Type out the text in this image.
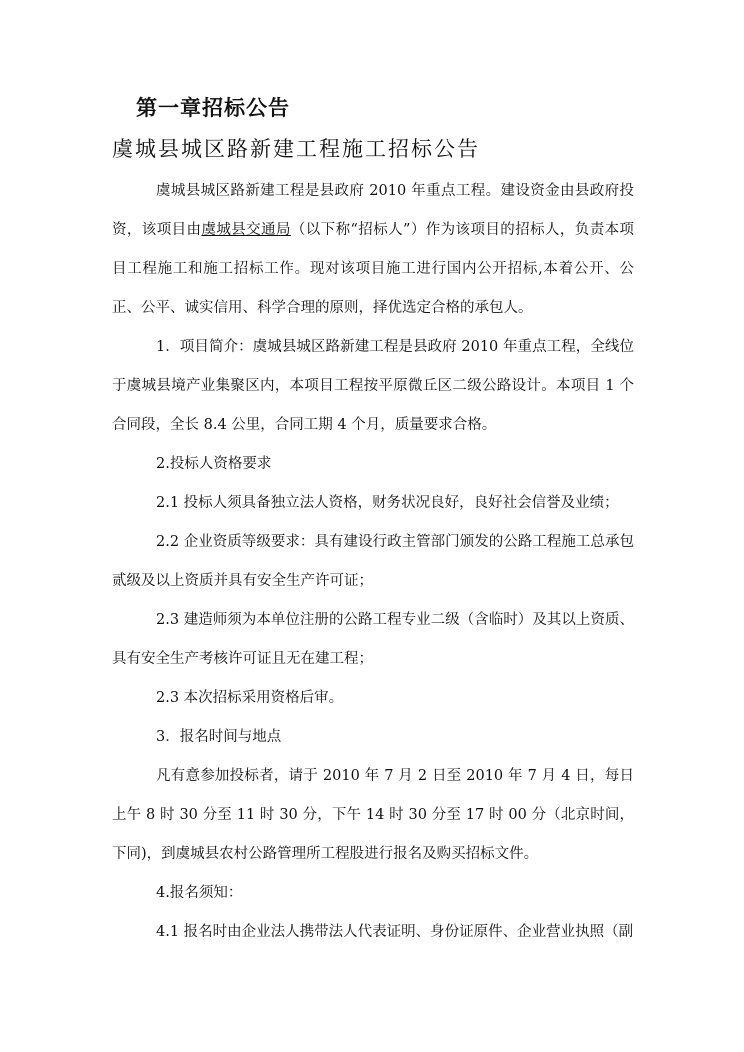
第一章招标公告
虞城县城区路新建工程施工招标公告

虞城县城区路新建工程是县政府 2010 年重点工程。建设资金由县政府投资，该项目由虞城县交通局（以下称“招标人”）作为该项目的招标人，负责本项目工程施工和施工招标工作。现对该项目施工进行国内公开招标,本着公开、公正、公平、诚实信用、科学合理的原则，择优选定合格的承包人。

1．项目简介：虞城县城区路新建工程是县政府 2010 年重点工程，全线位于虞城县境产业集聚区内，本项目工程按平原微丘区二级公路设计。本项目 1 个合同段，全长 8.4 公里，合同工期 4 个月，质量要求合格。

2.投标人资格要求

2.1 投标人须具备独立法人资格，财务状况良好，良好社会信誉及业绩；

2.2 企业资质等级要求：具有建设行政主管部门颁发的公路工程施工总承包贰级及以上资质并具有安全生产许可证；

2.3 建造师须为本单位注册的公路工程专业二级（含临时）及其以上资质、具有安全生产考核许可证且无在建工程；

2.3 本次招标采用资格后审。

3．报名时间与地点

凡有意参加投标者，请于 2010 年 7 月 2 日至 2010 年 7 月 4 日，每日上午 8 时 30 分至 11 时 30 分，下午 14 时 30 分至 17 时 00 分（北京时间，下同)，到虞城县农村公路管理所工程股进行报名及购买招标文件。

4.报名须知：

4.1 报名时由企业法人携带法人代表证明、身份证原件、企业营业执照（副
